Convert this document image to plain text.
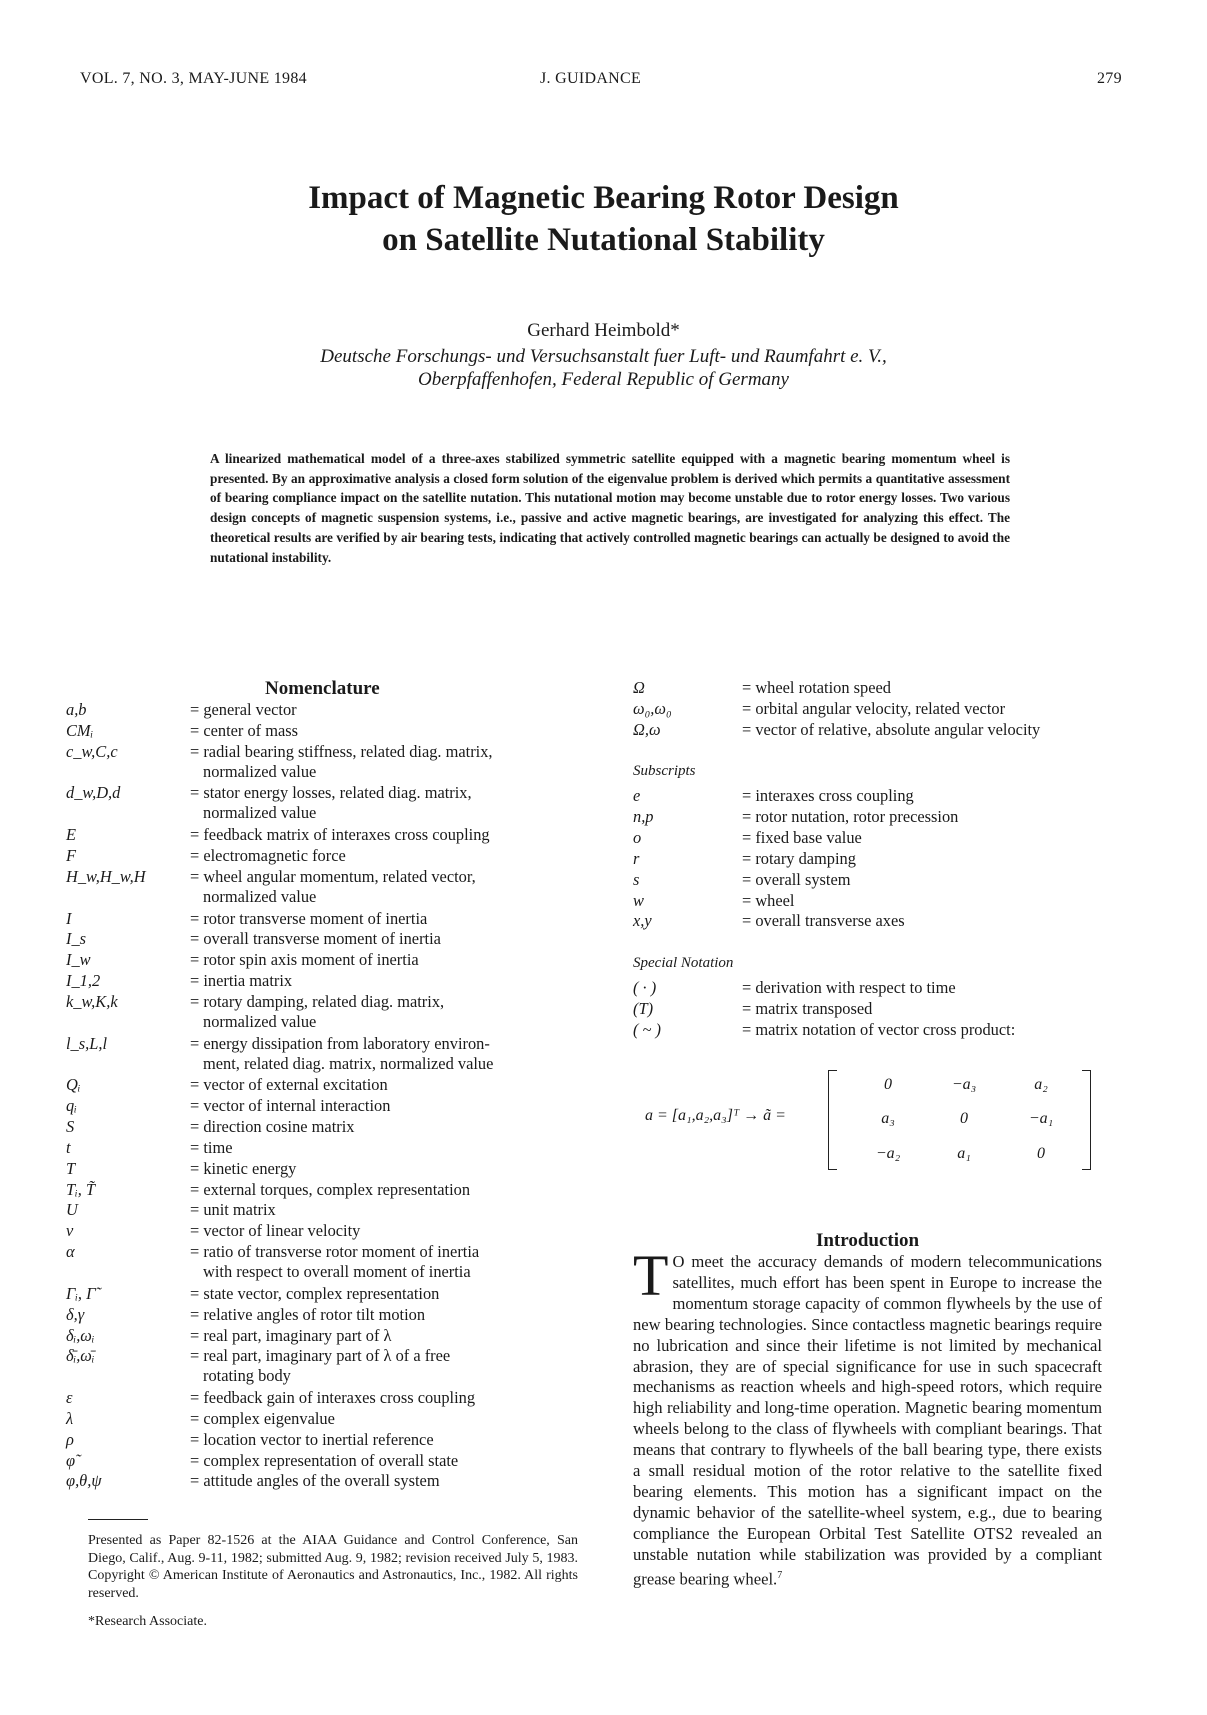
VOL. 7, NO. 3, MAY-JUNE 1984	J. GUIDANCE	279
Impact of Magnetic Bearing Rotor Design
on Satellite Nutational Stability
Gerhard Heimbold*
Deutsche Forschungs- und Versuchsanstalt fuer Luft- und Raumfahrt e. V.,
Oberpfaffenhofen, Federal Republic of Germany
A linearized mathematical model of a three-axes stabilized symmetric satellite equipped with a magnetic bearing momentum wheel is presented. By an approximative analysis a closed form solution of the eigenvalue problem is derived which permits a quantitative assessment of bearing compliance impact on the satellite nutation. This nutational motion may become unstable due to rotor energy losses. Two various design concepts of magnetic suspension systems, i.e., passive and active magnetic bearings, are investigated for analyzing this effect. The theoretical results are verified by air bearing tests, indicating that actively controlled magnetic bearings can actually be designed to avoid the nutational instability.
Nomenclature
a,b	= general vector
CMᵢ	= center of mass
c_w,C,c	= radial bearing stiffness, related diag. matrix,
normalized value
d_w,D,d	= stator energy losses, related diag. matrix,
normalized value
E	= feedback matrix of interaxes cross coupling
F	= electromagnetic force
H_w,H_w,H	= wheel angular momentum, related vector,
normalized value
I	= rotor transverse moment of inertia
I_s	= overall transverse moment of inertia
I_w	= rotor spin axis moment of inertia
I_1,2	= inertia matrix
k_w,K,k	= rotary damping, related diag. matrix,
normalized value
l_s,L,l	= energy dissipation from laboratory environ-
ment, related diag. matrix, normalized value
Qᵢ	= vector of external excitation
qᵢ	= vector of internal interaction
S	= direction cosine matrix
t	= time
T	= kinetic energy
Tᵢ, T̃	= external torques, complex representation
U	= unit matrix
v	= vector of linear velocity
α	= ratio of transverse rotor moment of inertia
with respect to overall moment of inertia
Γᵢ, Γ̃	= state vector, complex representation
δ,γ	= relative angles of rotor tilt motion
δᵢ,ωᵢ	= real part, imaginary part of λ
δ̄ᵢ,ω̄ᵢ	= real part, imaginary part of λ of a free
rotating body
ε	= feedback gain of interaxes cross coupling
λ	= complex eigenvalue
ρ	= location vector to inertial reference
φ̃	= complex representation of overall state
φ,θ,ψ	= attitude angles of the overall system
Ω	= wheel rotation speed
ω₀,ω₀	= orbital angular velocity, related vector
Ω,ω	= vector of relative, absolute angular velocity
Subscripts
e	= interaxes cross coupling
n,p	= rotor nutation, rotor precession
o	= fixed base value
r	= rotary damping
s	= overall system
w	= wheel
x,y	= overall transverse axes
Special Notation
( · )	= derivation with respect to time
(T)	= matrix transposed
( ~ )	= matrix notation of vector cross product:
a = [a₁,a₂,a₃]ᵀ → ã =
0	−a₃	a₂
a₃	0	−a₁
−a₂	a₁	0
Introduction
T O meet the accuracy demands of modern telecommunications satellites, much effort has been spent in Europe to increase the momentum storage capacity of common flywheels by the use of new bearing technologies. Since contactless magnetic bearings require no lubrication and since their lifetime is not limited by mechanical abrasion, they are of special significance for use in such spacecraft mechanisms as reaction wheels and high-speed rotors, which require high reliability and long-time operation. Magnetic bearing momentum wheels belong to the class of flywheels with compliant bearings. That means that contrary to flywheels of the ball bearing type, there exists a small residual motion of the rotor relative to the satellite fixed bearing elements. This motion has a significant impact on the dynamic behavior of the satellite-wheel system, e.g., due to bearing compliance the European Orbital Test Satellite OTS2 revealed an unstable nutation while stabilization was provided by a compliant grease bearing wheel.$^7$
Presented as Paper 82-1526 at the AIAA Guidance and Control Conference, San Diego, Calif., Aug. 9-11, 1982; submitted Aug. 9, 1982; revision received July 5, 1983. Copyright © American Institute of Aeronautics and Astronautics, Inc., 1982. All rights reserved.
*Research Associate.
